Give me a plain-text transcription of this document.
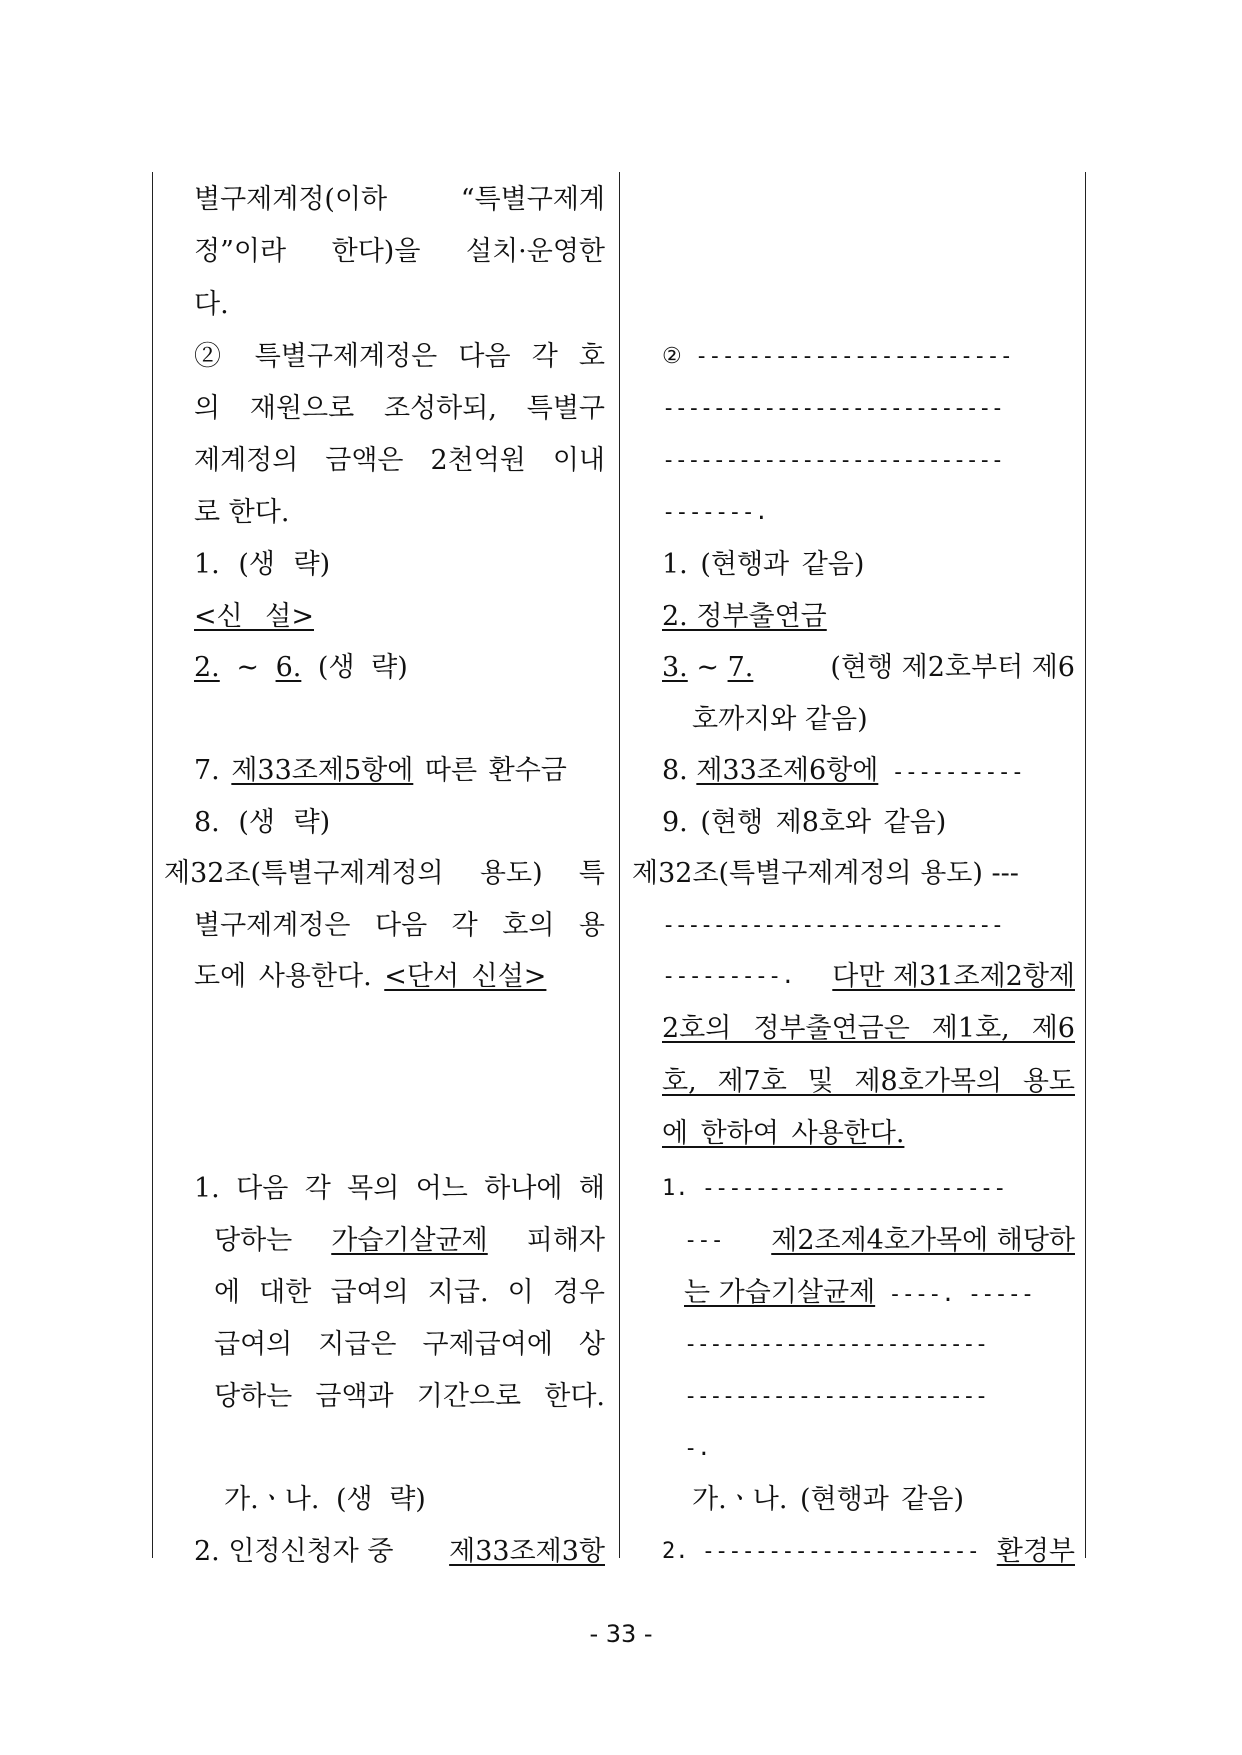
별구제계정(이하 “특별구제계
정”이라 한다)을 설치·운영한
다.
② 특별구제계정은 다음 각 호
의 재원으로 조성하되, 특별구
제계정의 금액은 2천억원 이내
로 한다.
1. (생 략)
<신 설>
2. ~ 6. (생 략)
7. 제33조제5항에 따른 환수금
8. (생 략)
제32조(특별구제계정의 용도) 특
별구제계정은 다음 각 호의 용
도에 사용한다. <단서 신설>
1. 다음 각 목의 어느 하나에 해
당하는 가습기살균제 피해자
에 대한 급여의 지급. 이 경우
급여의 지급은 구제급여에 상
당하는 금액과 기간으로 한다.
가.ㆍ나. (생 략)
2. 인정신청자 중 제33조제3항
② ------------------------
---------------------------
---------------------------
-------.
1. (현행과 같음)
2. 정부출연금
3. ~ 7.	(현행 제2호부터 제6
호까지와 같음)
8. 제33조제6항에 ----------
9. (현행 제8호와 같음)
제32조(특별구제계정의 용도) ---
---------------------------
---------. 다만 제31조제2항제
2호의 정부출연금은 제1호, 제6
호, 제7호 및 제8호가목의 용도
에 한하여 사용한다.
1. -----------------------
--- 제2조제4호가목에 해당하
는 가습기살균제 ----. -----
------------------------
------------------------
-.
가.ㆍ나. (현행과 같음)
2. --------------------- 환경부
- 33 -
